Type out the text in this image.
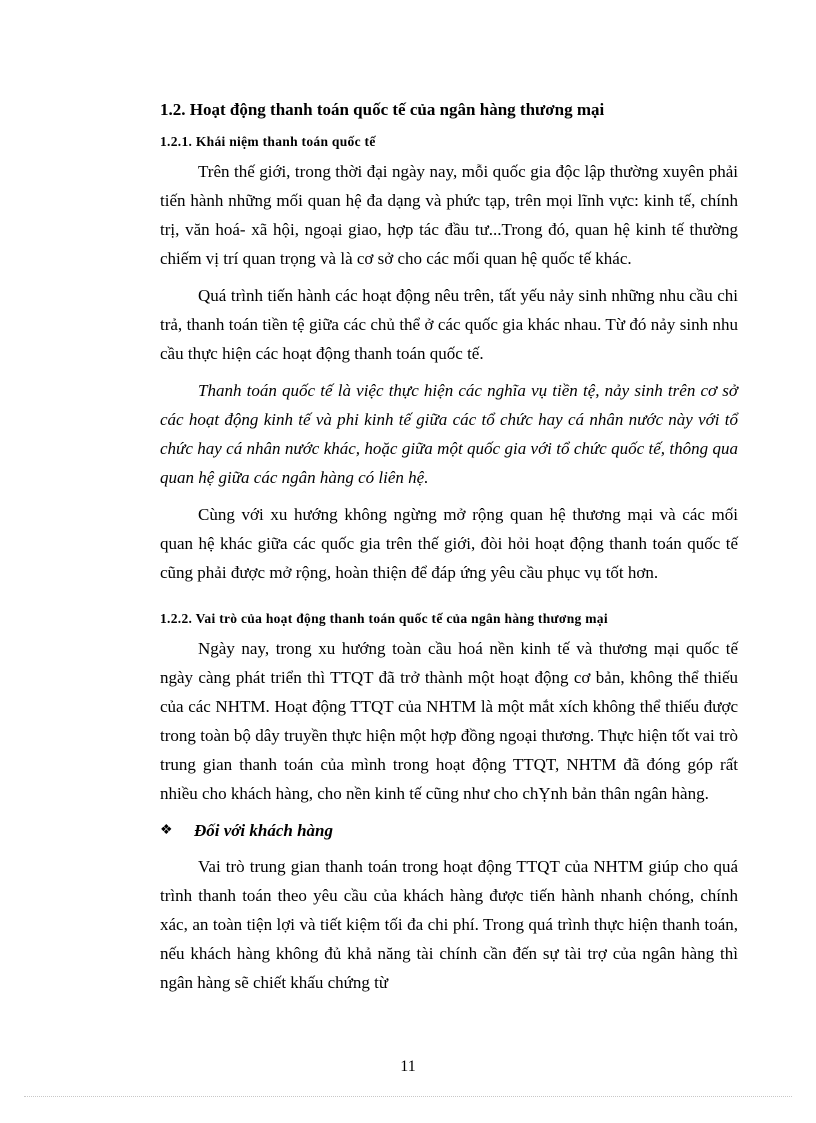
1.2. Hoạt động thanh toán quốc tế của ngân hàng thương mại
1.2.1. Khái niệm thanh toán quốc tế

Trên thế giới, trong thời đại ngày nay, mỗi quốc gia độc lập thường xuyên phải tiến hành những mối quan hệ đa dạng và phức tạp, trên mọi lĩnh vực: kinh tế, chính trị, văn hoá- xã hội, ngoại giao, hợp tác đầu tư...Trong đó, quan hệ kinh tế thường chiếm vị trí quan trọng và là cơ sở cho các mối quan hệ quốc tế khác.

Quá trình tiến hành các hoạt động nêu trên, tất yếu nảy sinh những nhu cầu chi trả, thanh toán tiền tệ giữa các chủ thể ở các quốc gia khác nhau. Từ đó nảy sinh nhu cầu thực hiện các hoạt động thanh toán quốc tế.

Thanh toán quốc tế là việc thực hiện các nghĩa vụ tiền tệ, nảy sinh trên cơ sở các hoạt động kinh tế và phi kinh tế giữa các tổ chức hay cá nhân nước này với tổ chức hay cá nhân nước khác, hoặc giữa một quốc gia với tổ chức quốc tế, thông qua quan hệ giữa các ngân hàng có liên hệ.

Cùng với xu hướng không ngừng mở rộng quan hệ thương mại và các mối quan hệ khác giữa các quốc gia trên thế giới, đòi hỏi hoạt động thanh toán quốc tế cũng phải được mở rộng, hoàn thiện để đáp ứng yêu cầu phục vụ tốt hơn.

1.2.2. Vai trò của hoạt động thanh toán quốc tế của ngân hàng thương mại

Ngày nay, trong xu hướng toàn cầu hoá nền kinh tế và thương mại quốc tế ngày càng phát triển thì TTQT đã trở thành một hoạt động cơ bản, không thể thiếu của các NHTM. Hoạt động TTQT của NHTM là một mắt xích không thể thiếu được trong toàn bộ dây truyền thực hiện một hợp đồng ngoại thương. Thực hiện tốt vai trò trung gian thanh toán của mình trong hoạt động TTQT, NHTM đã đóng góp rất nhiều cho khách hàng, cho nền kinh tế cũng như cho chỴnh bản thân ngân hàng.

❖	Đối với khách hàng

Vai trò trung gian thanh toán trong hoạt động TTQT của NHTM giúp cho quá trình thanh toán theo yêu cầu của khách hàng được tiến hành nhanh chóng, chính xác, an toàn tiện lợi và tiết kiệm tối đa chi phí. Trong quá trình thực hiện thanh toán, nếu khách hàng không đủ khả năng tài chính cần đến sự tài trợ của ngân hàng thì ngân hàng sẽ chiết khấu chứng từ

11
